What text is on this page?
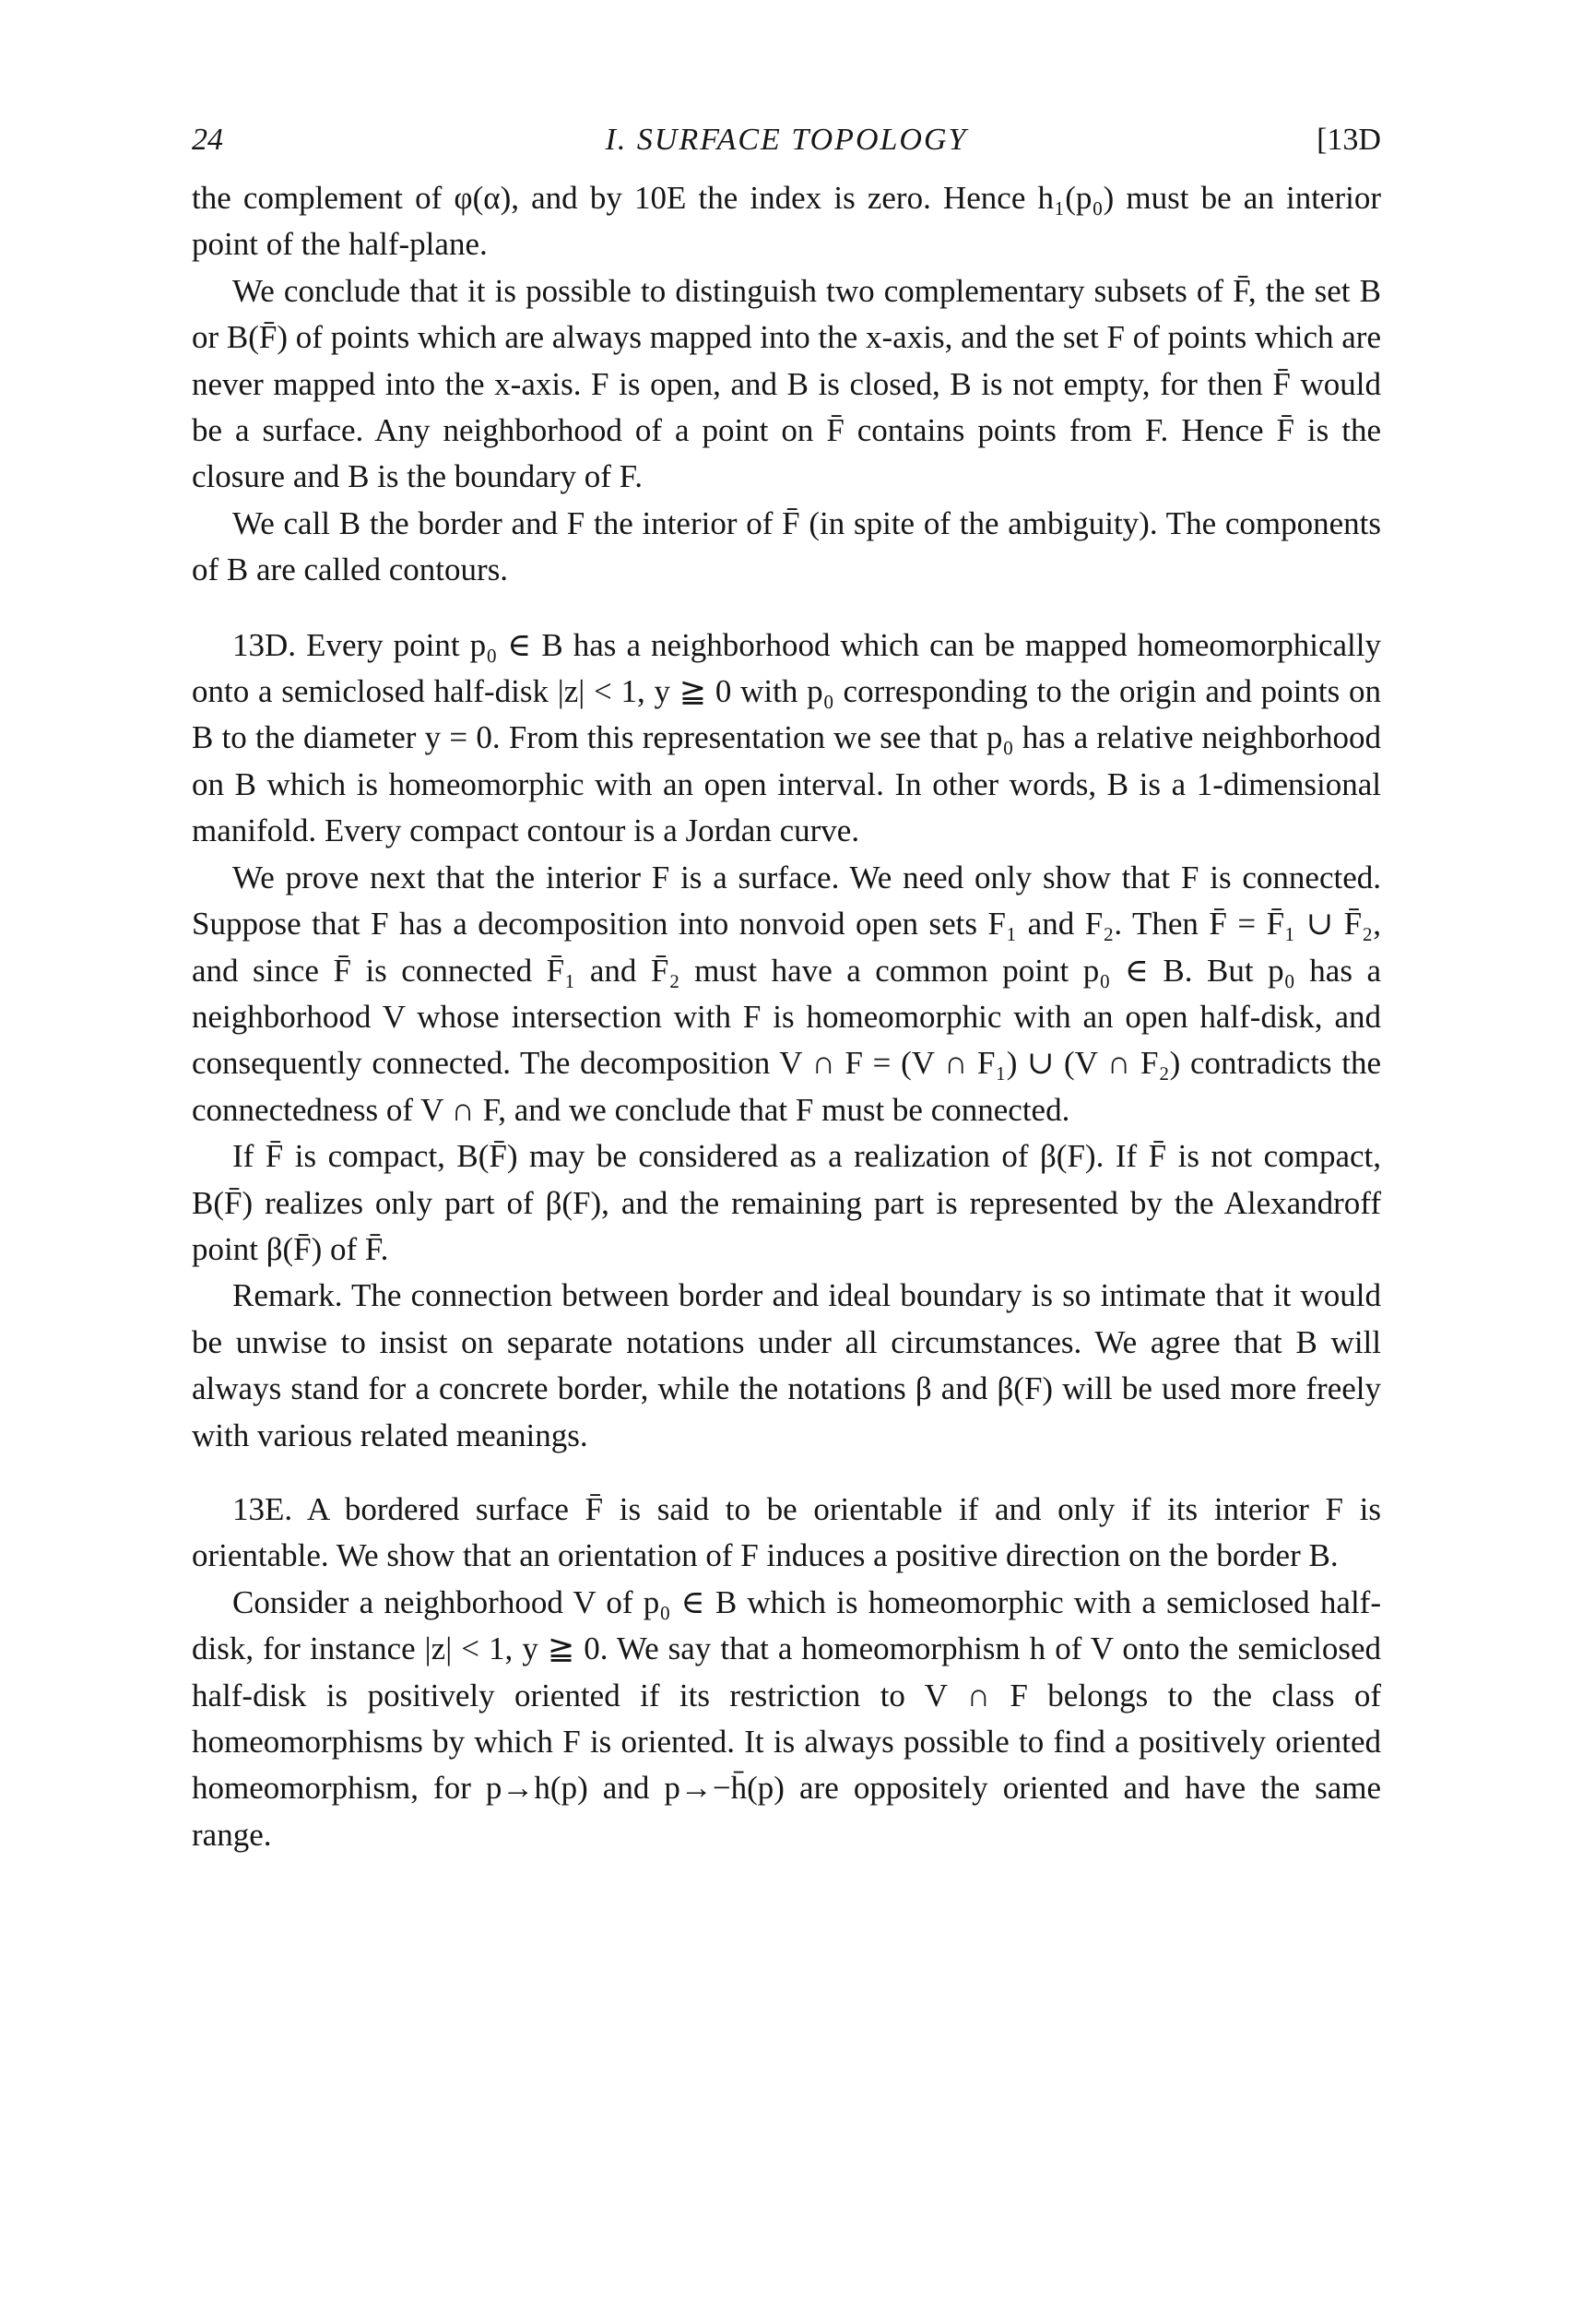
24	I. SURFACE TOPOLOGY	[13D

the complement of φ(α), and by 10E the index is zero. Hence h₁(p₀) must be an interior point of the half-plane.

We conclude that it is possible to distinguish two complementary subsets of F̄, the set B or B(F̄) of points which are always mapped into the x-axis, and the set F of points which are never mapped into the x-axis. F is open, and B is closed, B is not empty, for then F̄ would be a surface. Any neighborhood of a point on F̄ contains points from F. Hence F̄ is the closure and B is the boundary of F.

We call B the border and F the interior of F̄ (in spite of the ambiguity). The components of B are called contours.

13D. Every point p₀ ∈ B has a neighborhood which can be mapped homeomorphically onto a semiclosed half-disk |z| < 1, y ≧ 0 with p₀ corresponding to the origin and points on B to the diameter y = 0. From this representation we see that p₀ has a relative neighborhood on B which is homeomorphic with an open interval. In other words, B is a 1-dimensional manifold. Every compact contour is a Jordan curve.

We prove next that the interior F is a surface. We need only show that F is connected. Suppose that F has a decomposition into nonvoid open sets F₁ and F₂. Then F̄ = F̄₁ ∪ F̄₂, and since F̄ is connected F̄₁ and F̄₂ must have a common point p₀ ∈ B. But p₀ has a neighborhood V whose intersection with F is homeomorphic with an open half-disk, and consequently connected. The decomposition V ∩ F = (V ∩ F₁) ∪ (V ∩ F₂) contradicts the connectedness of V ∩ F, and we conclude that F must be connected.

If F̄ is compact, B(F̄) may be considered as a realization of β(F). If F̄ is not compact, B(F̄) realizes only part of β(F), and the remaining part is represented by the Alexandroff point β(F̄) of F̄.

Remark. The connection between border and ideal boundary is so intimate that it would be unwise to insist on separate notations under all circumstances. We agree that B will always stand for a concrete border, while the notations β and β(F) will be used more freely with various related meanings.

13E. A bordered surface F̄ is said to be orientable if and only if its interior F is orientable. We show that an orientation of F induces a positive direction on the border B.

Consider a neighborhood V of p₀ ∈ B which is homeomorphic with a semiclosed half-disk, for instance |z| < 1, y ≧ 0. We say that a homeomorphism h of V onto the semiclosed half-disk is positively oriented if its restriction to V ∩ F belongs to the class of homeomorphisms by which F is oriented. It is always possible to find a positively oriented homeomorphism, for p→h(p) and p→−h̄(p) are oppositely oriented and have the same range.
